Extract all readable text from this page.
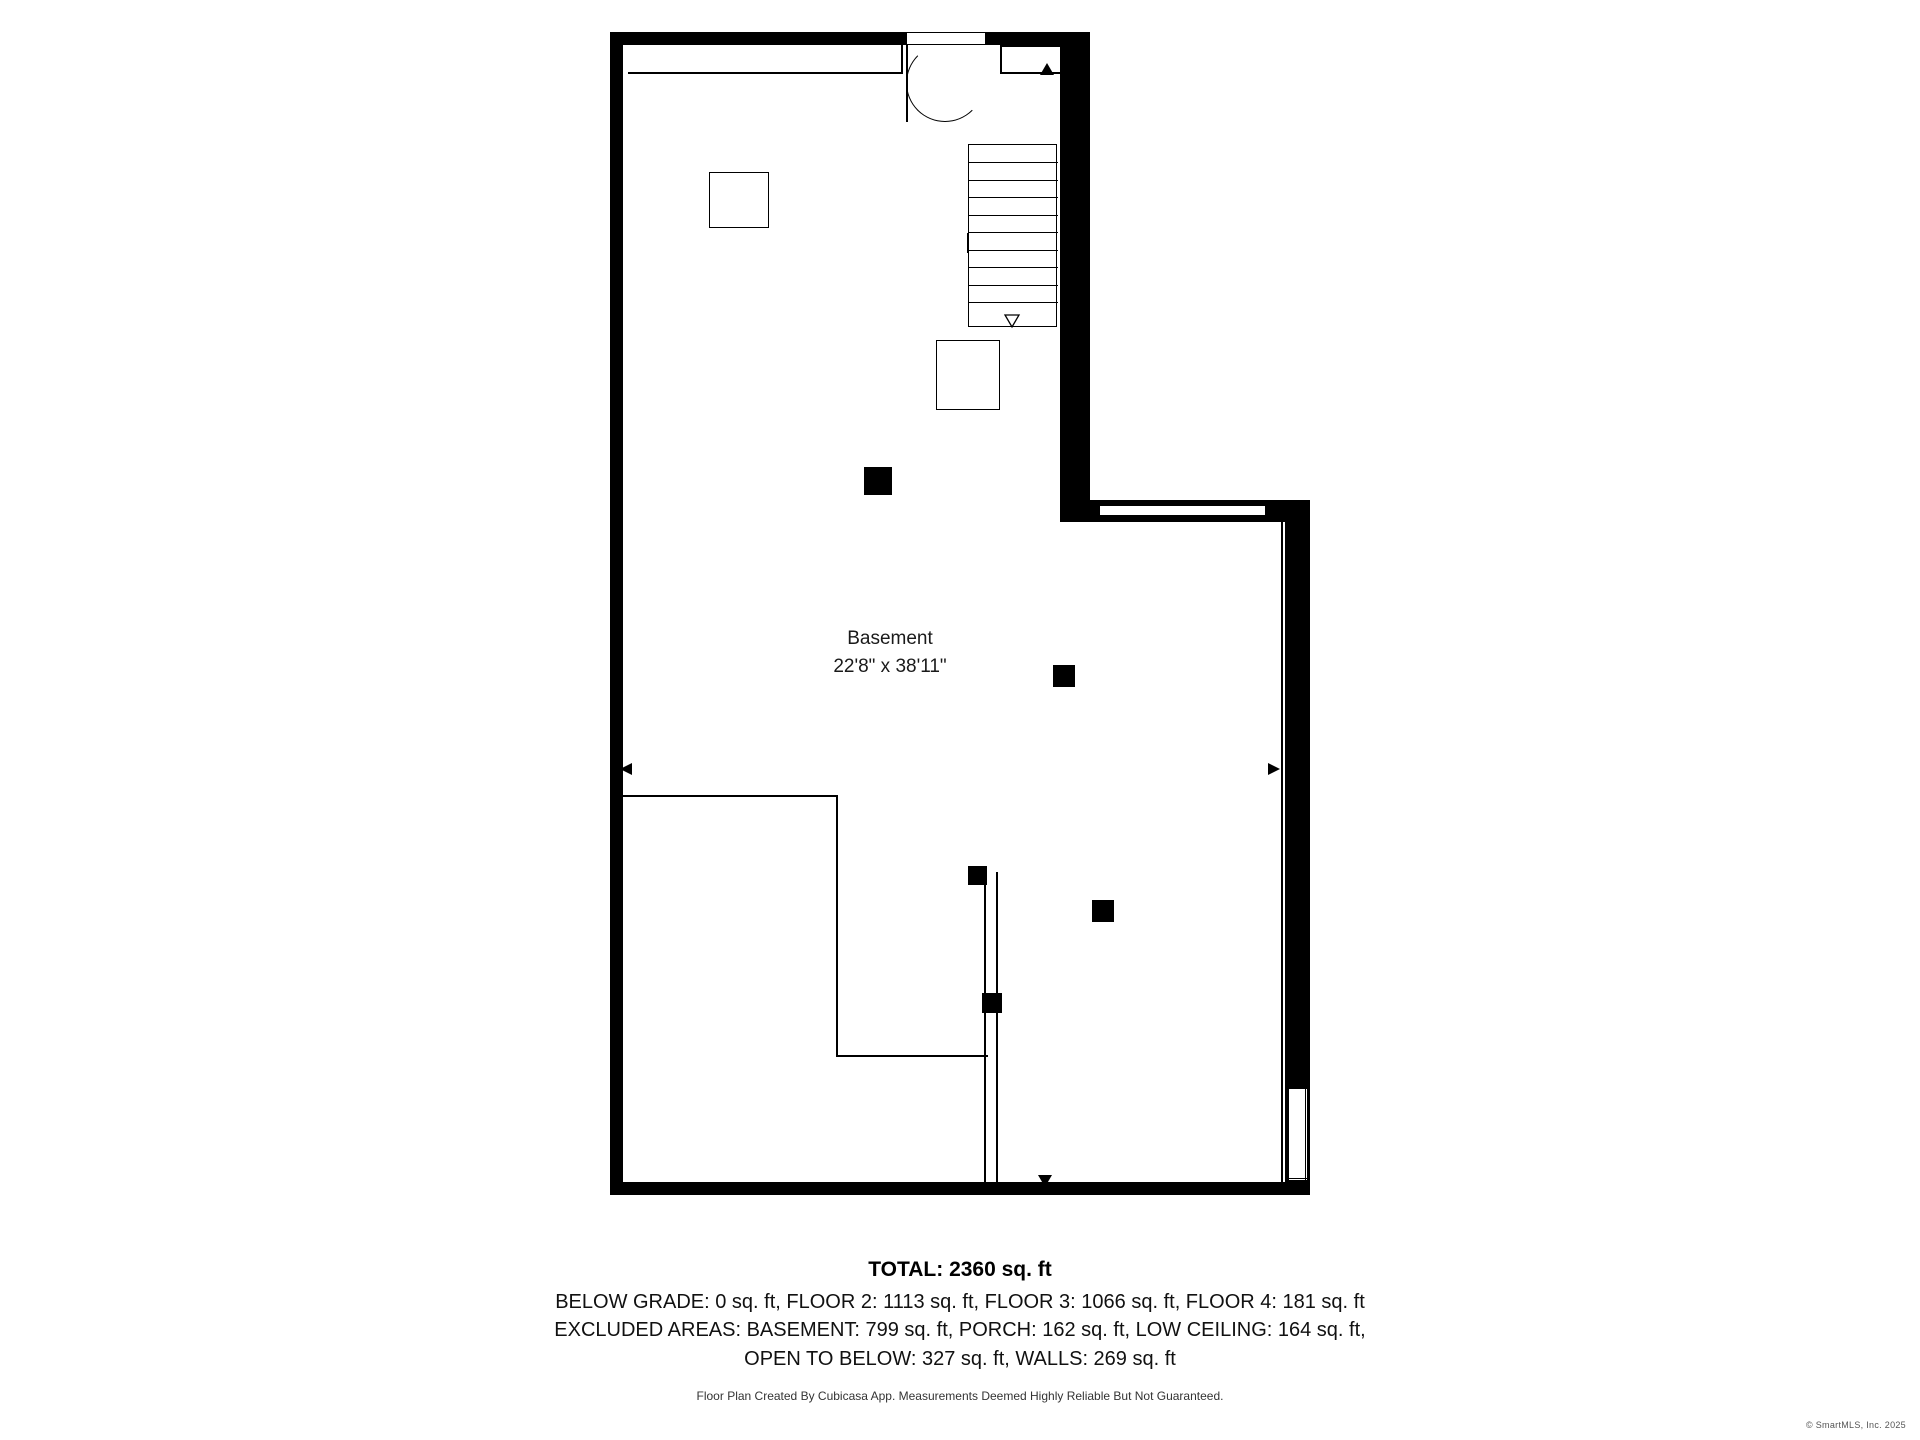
Basement
22'8" x 38'11"
TOTAL: 2360 sq. ft
BELOW GRADE: 0 sq. ft, FLOOR 2: 1113 sq. ft, FLOOR 3: 1066 sq. ft, FLOOR 4: 181 sq. ft
EXCLUDED AREAS: BASEMENT: 799 sq. ft, PORCH: 162 sq. ft, LOW CEILING: 164 sq. ft,
OPEN TO BELOW: 327 sq. ft, WALLS: 269 sq. ft
Floor Plan Created By Cubicasa App. Measurements Deemed Highly Reliable But Not Guaranteed.
© SmartMLS, Inc. 2025
